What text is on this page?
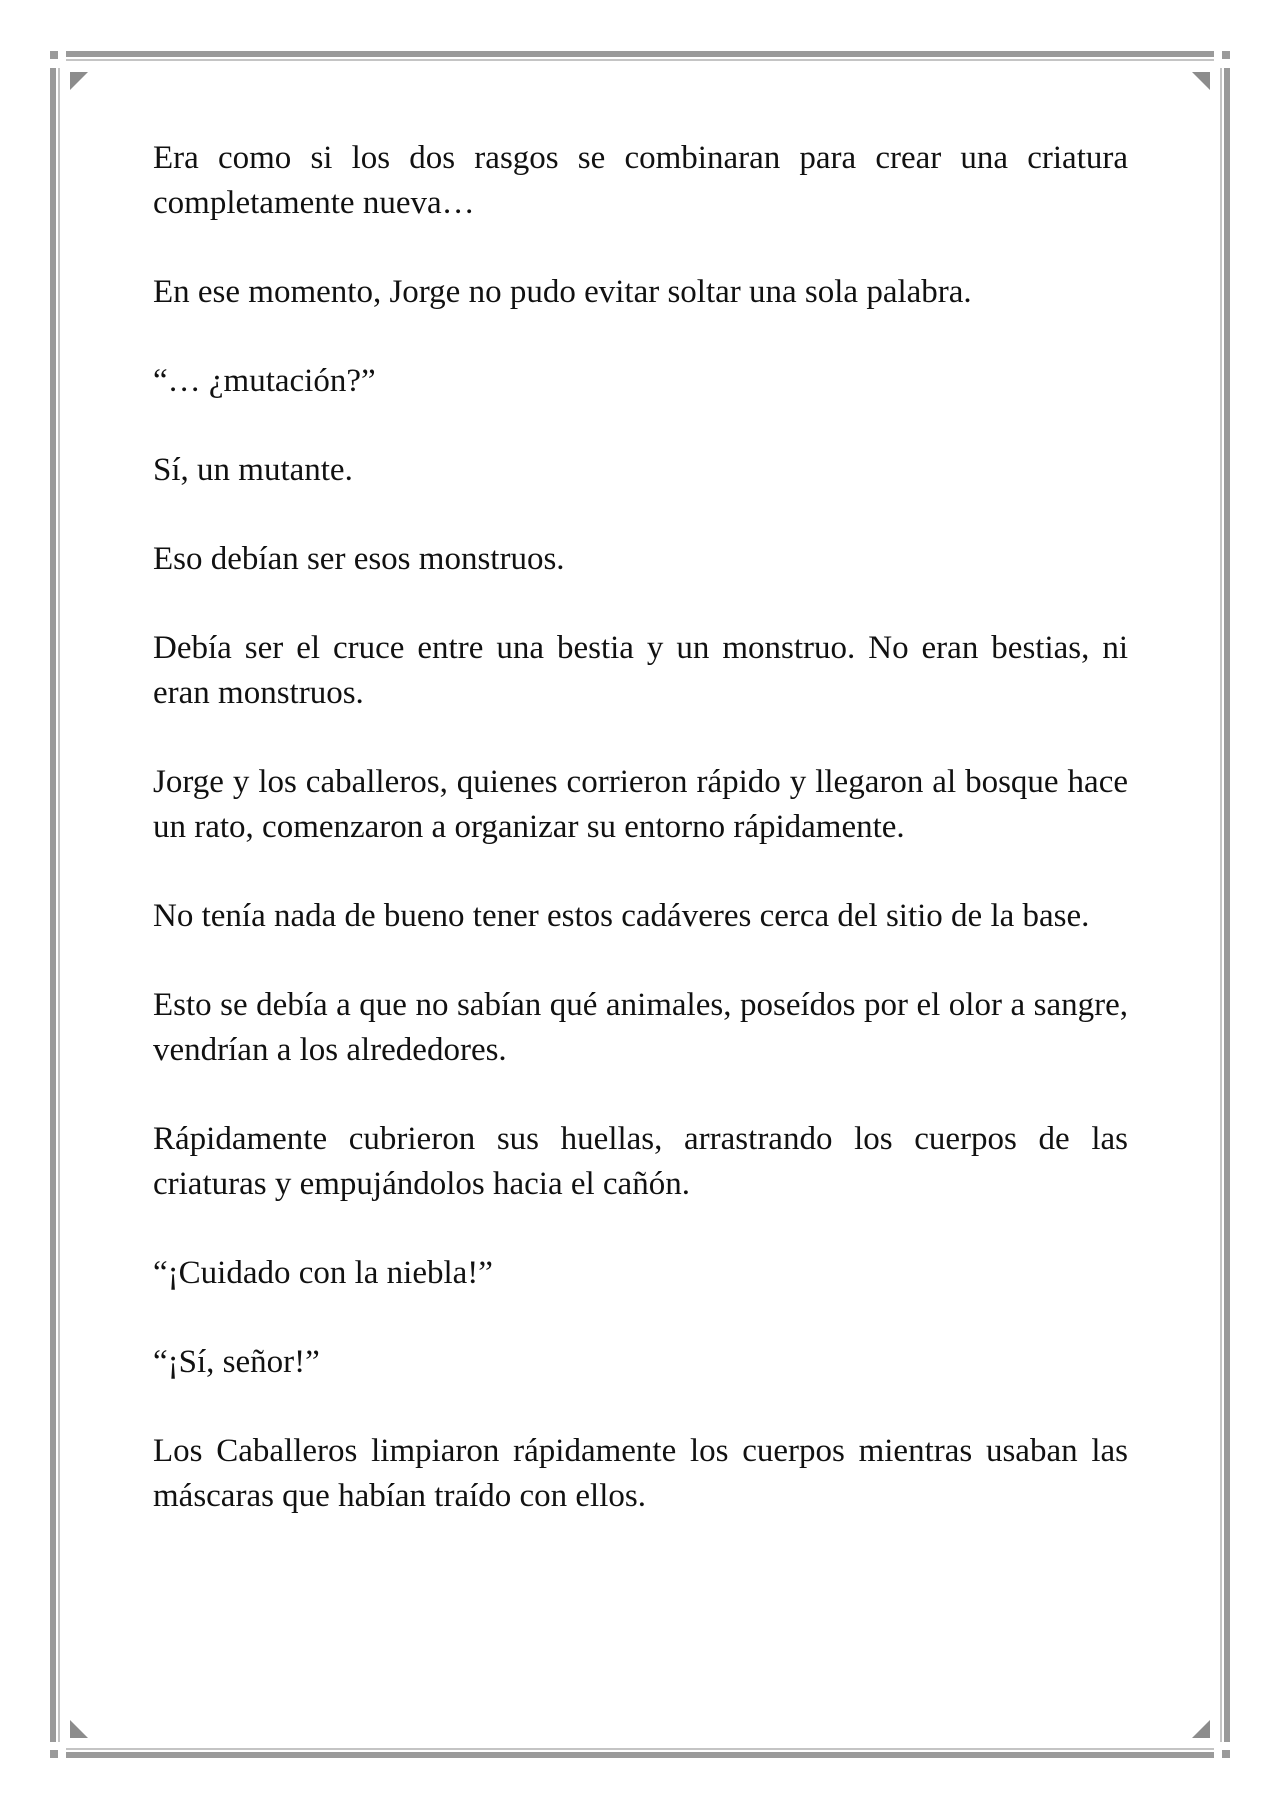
Era como si los dos rasgos se combinaran para crear una criatura completamente nueva…

En ese momento, Jorge no pudo evitar soltar una sola palabra.

“… ¿mutación?”

Sí, un mutante.

Eso debían ser esos monstruos.

Debía ser el cruce entre una bestia y un monstruo. No eran bestias, ni eran monstruos.

Jorge y los caballeros, quienes corrieron rápido y llegaron al bosque hace un rato, comenzaron a organizar su entorno rápidamente.

No tenía nada de bueno tener estos cadáveres cerca del sitio de la base.

Esto se debía a que no sabían qué animales, poseídos por el olor a sangre, vendrían a los alrededores.

Rápidamente cubrieron sus huellas, arrastrando los cuerpos de las criaturas y empujándolos hacia el cañón.

“¡Cuidado con la niebla!”

“¡Sí, señor!”

Los Caballeros limpiaron rápidamente los cuerpos mientras usaban las máscaras que habían traído con ellos.
